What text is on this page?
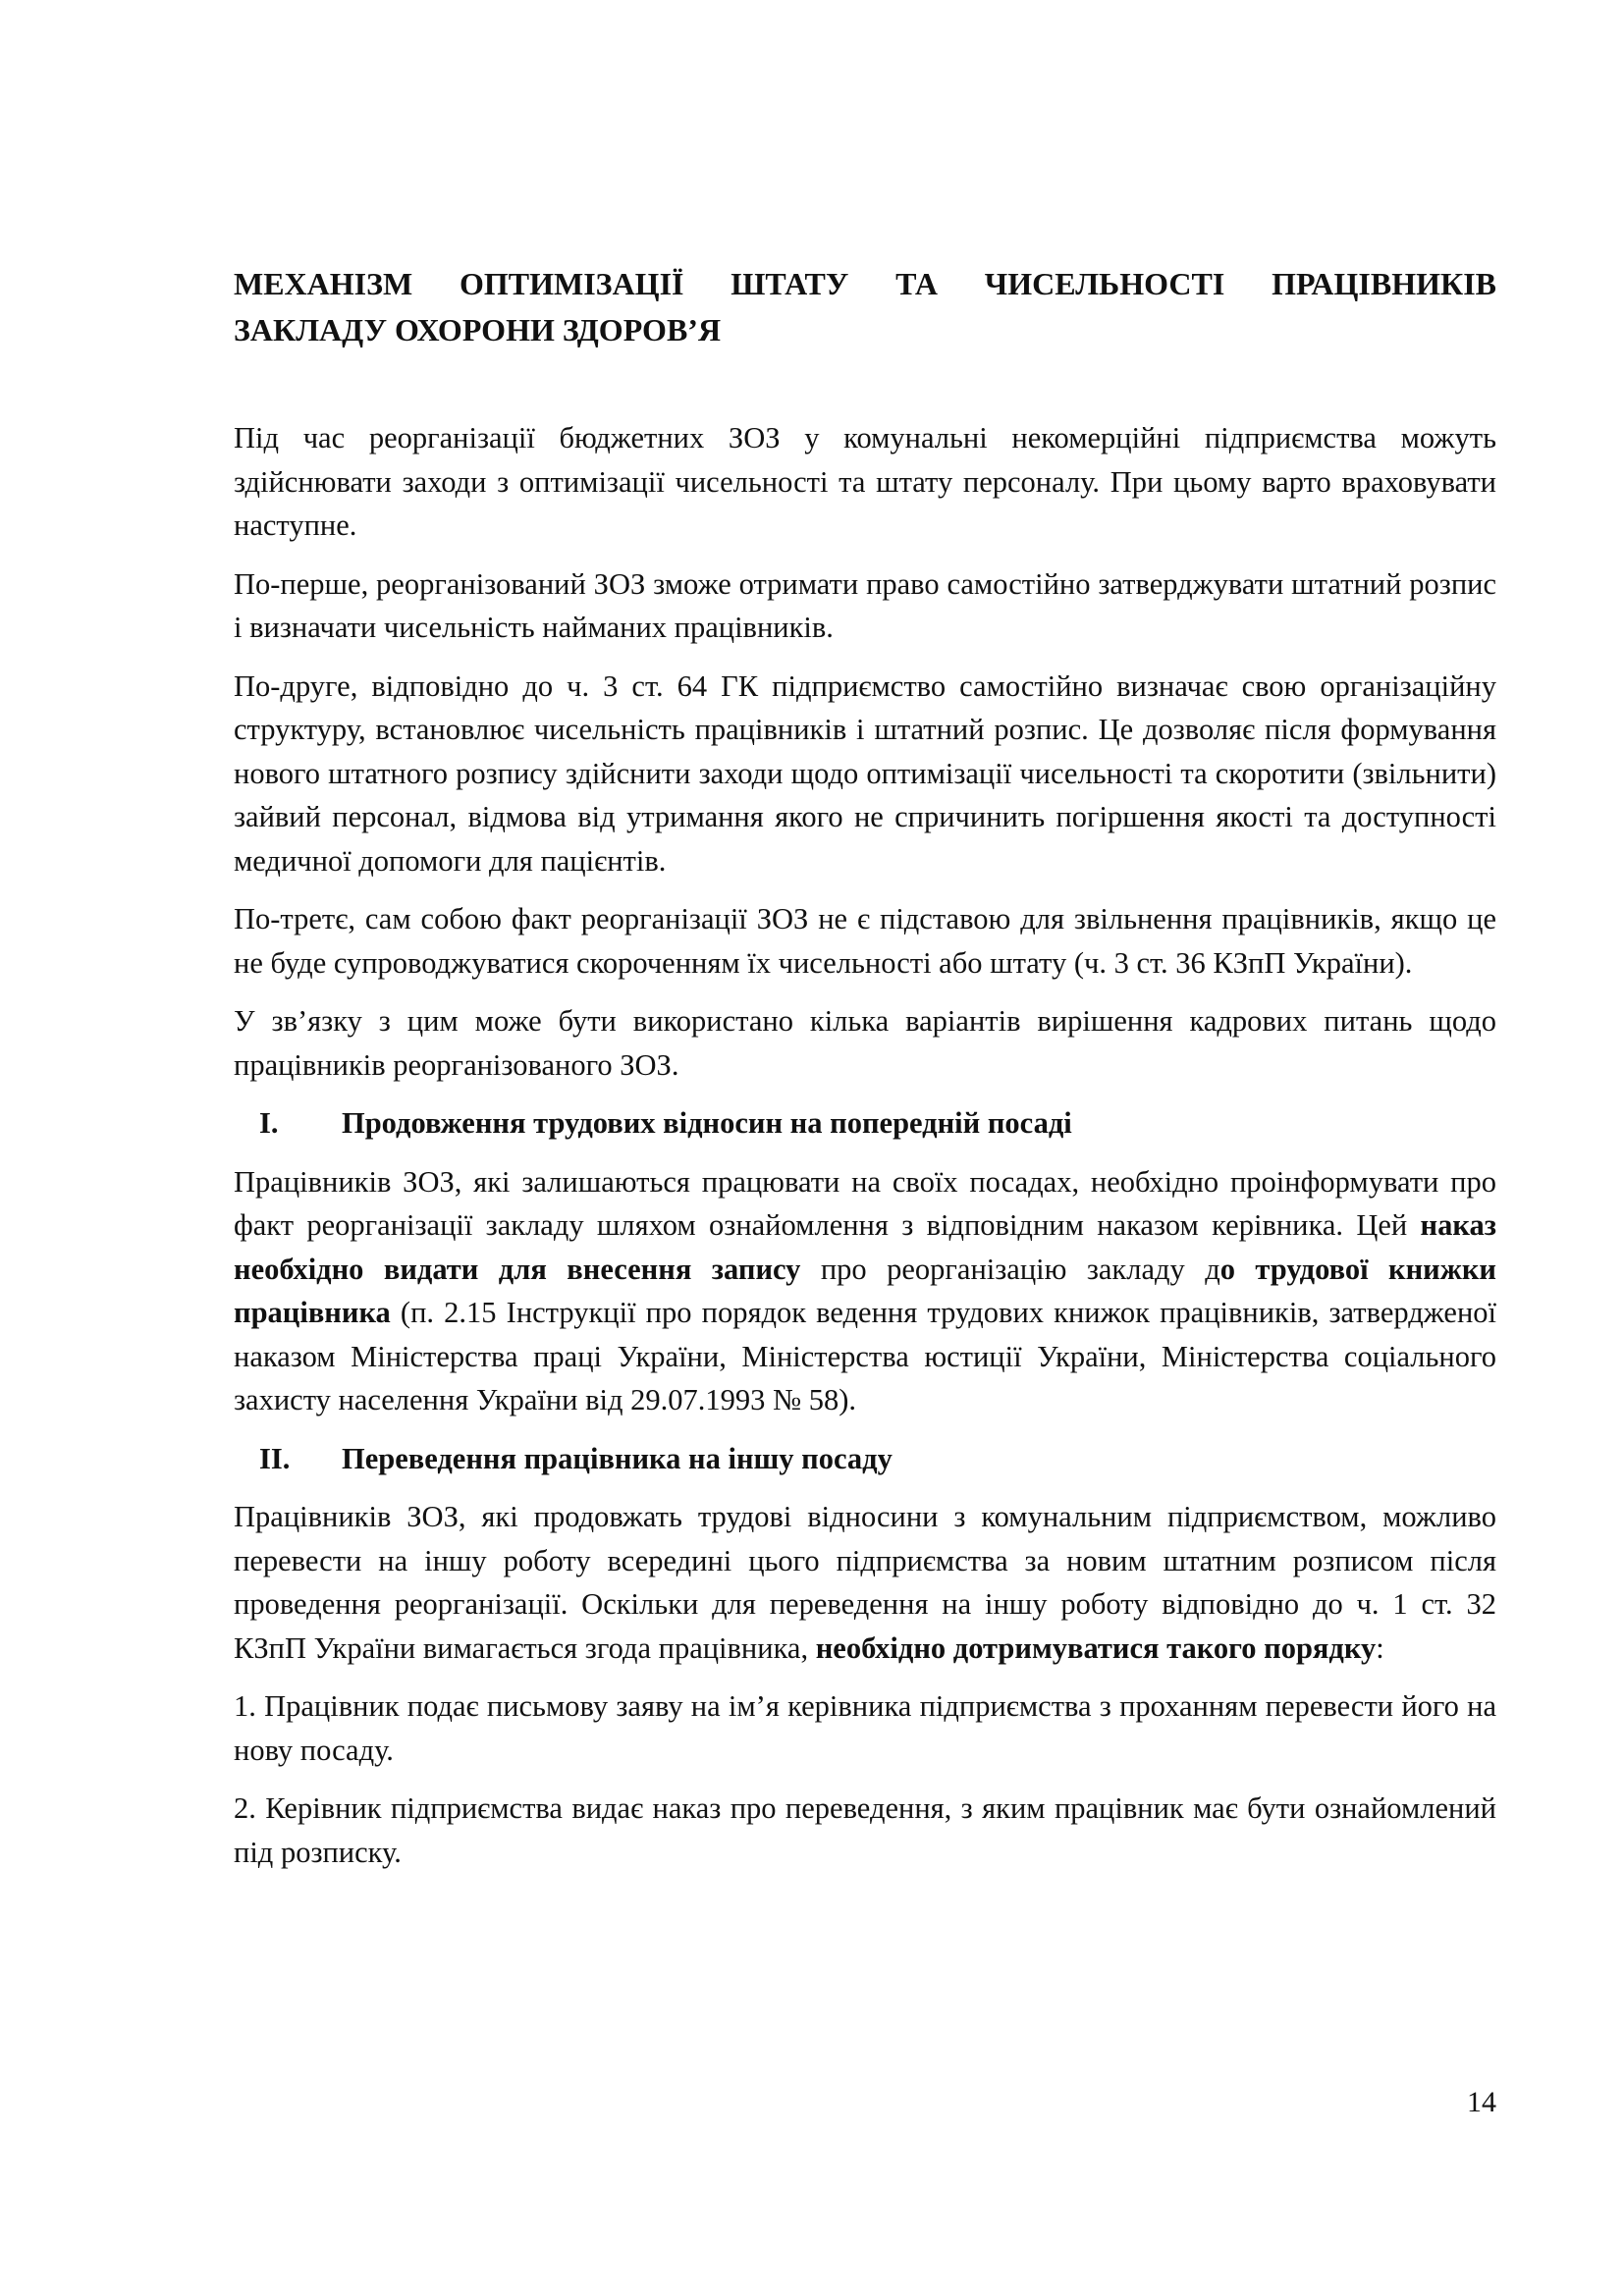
МЕХАНІЗМ ОПТИМІЗАЦІЇ ШТАТУ ТА ЧИСЕЛЬНОСТІ ПРАЦІВНИКІВ
ЗАКЛАДУ ОХОРОНИ ЗДОРОВ’Я

Під час реорганізації бюджетних ЗОЗ у комунальні некомерційні підприємства можуть здійснювати заходи з оптимізації чисельності та штату персоналу. При цьому варто враховувати наступне.

По-перше, реорганізований ЗОЗ зможе отримати право самостійно затверджувати штатний розпис і визначати чисельність найманих працівників.

По-друге, відповідно до ч. 3 ст. 64 ГК підприємство самостійно визначає свою організаційну структуру, встановлює чисельність працівників і штатний розпис. Це дозволяє після формування нового штатного розпису здійснити заходи щодо оптимізації чисельності та скоротити (звільнити) зайвий персонал, відмова від утримання якого не спричинить погіршення якості та доступності медичної допомоги для пацієнтів.

По-третє, сам собою факт реорганізації ЗОЗ не є підставою для звільнення працівників, якщо це не буде супроводжуватися скороченням їх чисельності або штату (ч. 3 ст. 36 КЗпП України).

У зв’язку з цим може бути використано кілька варіантів вирішення кадрових питань щодо працівників реорганізованого ЗОЗ.

I.	Продовження трудових відносин на попередній посаді

Працівників ЗОЗ, які залишаються працювати на своїх посадах, необхідно проінформувати про факт реорганізації закладу шляхом ознайомлення з відповідним наказом керівника. Цей наказ необхідно видати для внесення запису про реорганізацію закладу до трудової книжки працівника (п. 2.15 Інструкції про порядок ведення трудових книжок працівників, затвердженої наказом Міністерства праці України, Міністерства юстиції України, Міністерства соціального захисту населення України від 29.07.1993 № 58).

II.	Переведення працівника на іншу посаду

Працівників ЗОЗ, які продовжать трудові відносини з комунальним підприємством, можливо перевести на іншу роботу всередині цього підприємства за новим штатним розписом після проведення реорганізації. Оскільки для переведення на іншу роботу відповідно до ч. 1 ст. 32 КЗпП України вимагається згода працівника, необхідно дотримуватися такого порядку:

1. Працівник подає письмову заяву на ім’я керівника підприємства з проханням перевести його на нову посаду.

2. Керівник підприємства видає наказ про переведення, з яким працівник має бути ознайомлений під розписку.

14
